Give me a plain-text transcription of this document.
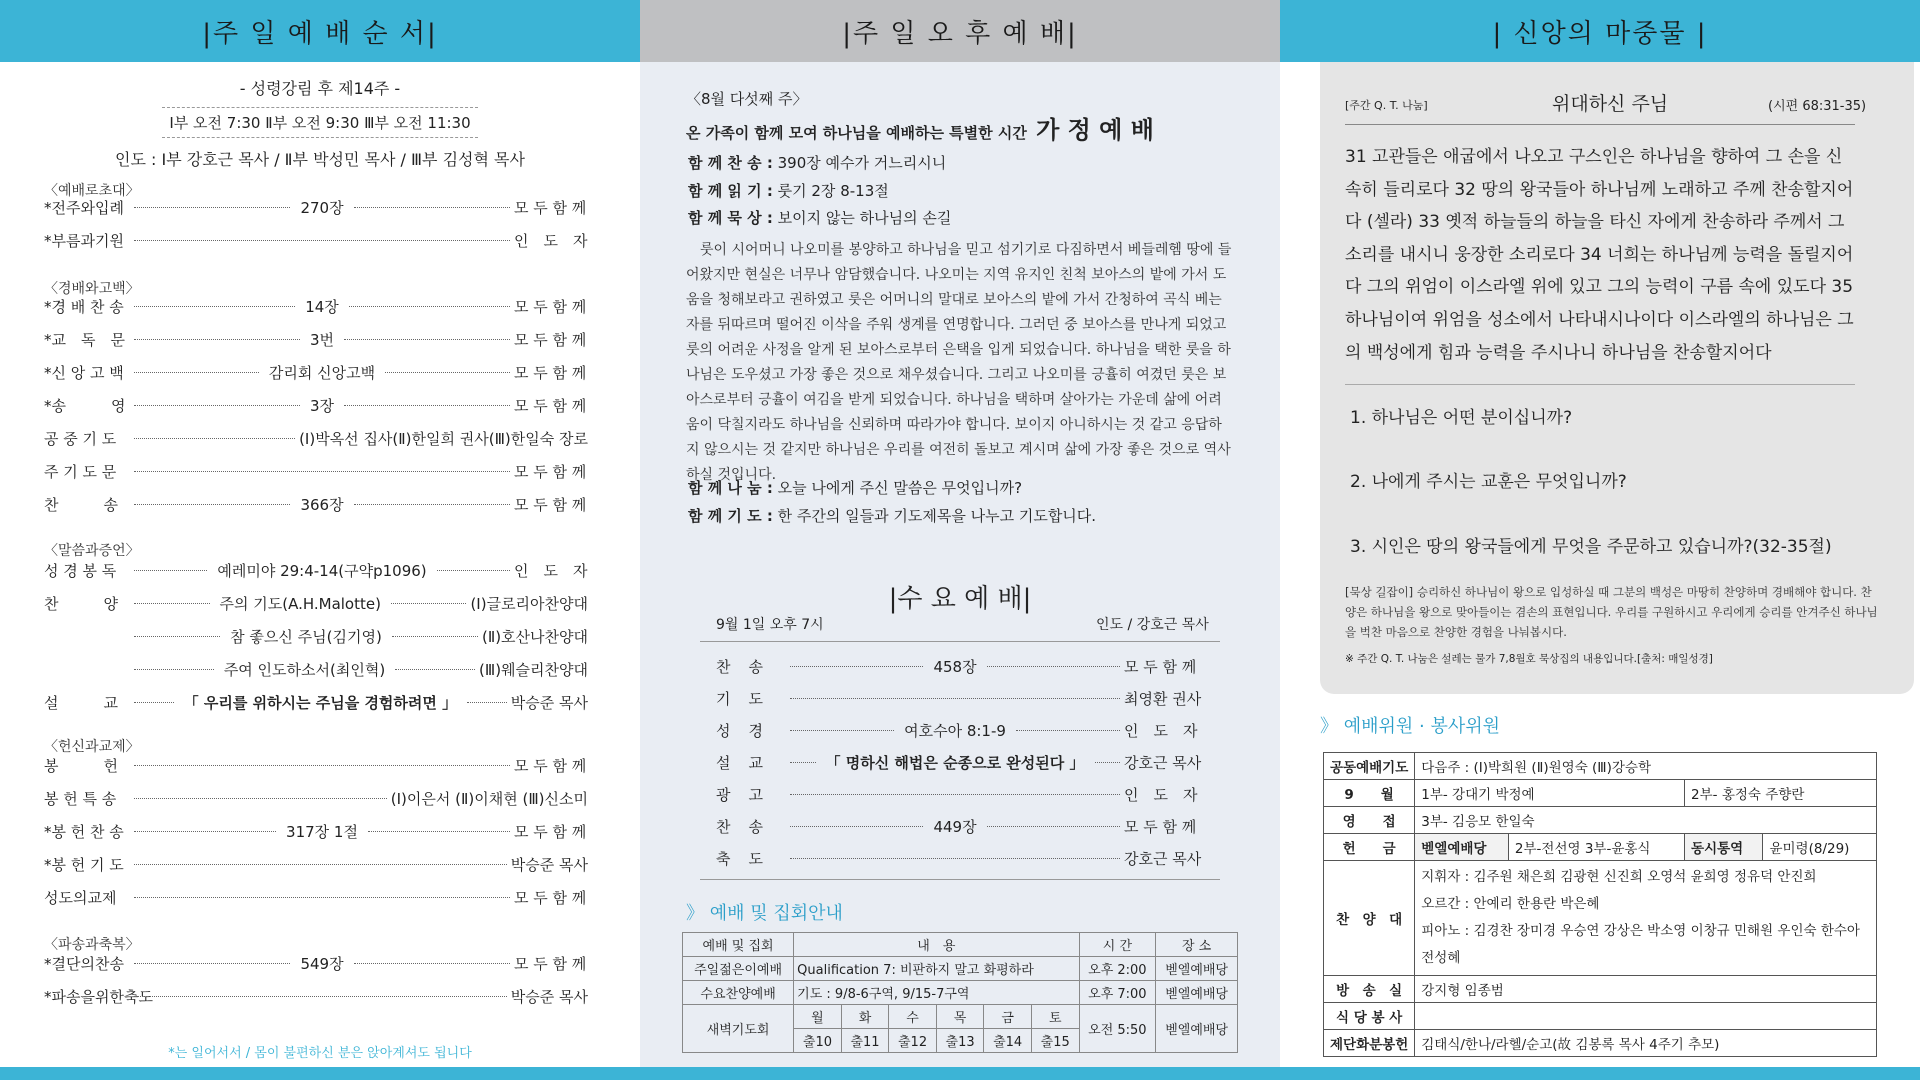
|주 일 예 배 순 서|
- 성령강림 후 제14주 -
Ⅰ부 오전 7:30 Ⅱ부 오전 9:30 Ⅲ부 오전 11:30
인도 : Ⅰ부 강호근 목사 / Ⅱ부 박성민 목사 / Ⅲ부 김성혁 목사
〈예배로초대〉
〈경배와고백〉
〈말씀과증언〉
〈헌신과교제〉
〈파송과축복〉
*전주와입례	270장	모 두 함 께
*부름과기원	인　도　자
*경 배 찬 송	14장	모 두 함 께
*교　독　문	3번	모 두 함 께
*신 앙 고 백	감리회 신앙고백	모 두 함 께
*송　　　영	3장	모 두 함 께
공 중 기 도	(Ⅰ)박옥선 집사(Ⅱ)한일희 권사(Ⅲ)한일숙 장로
주 기 도 문	모 두 함 께
찬　　　송	366장	모 두 함 께
성 경 봉 독	예레미야 29:4-14(구약p1096)	인　도　자
찬　　　양	주의 기도(A.H.Malotte)	(Ⅰ)글로리아찬양대
참 좋으신 주님(김기영)	(Ⅱ)호산나찬양대
주여 인도하소서(최인혁)	(Ⅲ)웨슬리찬양대
설　　　교	「 우리를 위하시는 주님을 경험하려면 」	박승준 목사
봉　　　헌	모 두 함 께
봉 헌 특 송	(Ⅰ)이은서 (Ⅱ)이채현 (Ⅲ)신소미
*봉 헌 찬 송	317장 1절	모 두 함 께
*봉 헌 기 도	박승준 목사
성도의교제	모 두 함 께
*결단의찬송	549장	모 두 함 께
*파송을위한축도	박승준 목사
*는 일어서서 / 몸이 불편하신 분은 앉아계셔도 됩니다
|주 일 오 후 예 배|
〈8월 다섯째 주〉
온 가족이 함께 모여 하나님을 예배하는 특별한 시간 가 정 예 배
함 께 찬 송 : 390장 예수가 거느리시니
함 께 읽 기 : 룻기 2장 8-13절
함 께 묵 상 : 보이지 않는 하나님의 손길
룻이 시어머니 나오미를 봉양하고 하나님을 믿고 섬기기로 다짐하면서 베들레헴 땅에 들어왔지만 현실은 너무나 암담했습니다. 나오미는 지역 유지인 친척 보아스의 밭에 가서 도움을 청해보라고 권하였고 룻은 어머니의 말대로 보아스의 밭에 가서 간청하여 곡식 베는 자를 뒤따르며 떨어진 이삭을 주워 생계를 연명합니다. 그러던 중 보아스를 만나게 되었고 룻의 어려운 사정을 알게 된 보아스로부터 은택을 입게 되었습니다. 하나님을 택한 룻을 하나님은 도우셨고 가장 좋은 것으로 채우셨습니다. 그리고 나오미를 긍휼히 여겼던 룻은 보아스로부터 긍휼이 여김을 받게 되었습니다. 하나님을 택하며 살아가는 가운데 삶에 어려움이 닥칠지라도 하나님을 신뢰하며 따라가야 합니다. 보이지 아니하시는 것 같고 응답하지 않으시는 것 같지만 하나님은 우리를 여전히 돌보고 계시며 삶에 가장 좋은 것으로 역사하실 것입니다.
함 께 나 눔 : 오늘 나에게 주신 말씀은 무엇입니까?
함 께 기 도 : 한 주간의 일들과 기도제목을 나누고 기도합니다.
|수 요 예 배|
9월 1일 오후 7시	인도 / 강호근 목사
찬송	458장	모 두 함 께
기도	최영환 권사
성경	여호수아 8:1-9	인　도　자
설교	「 명하신 해법은 순종으로 완성된다 」	강호근 목사
광고	인　도　자
찬송	449장	모 두 함 께
축도	강호근 목사
》 예배 및 집회안내
예배 및 집회	내　용						시 간	장 소
주일젊은이예배	Qualification 7: 비판하지 말고 화평하라						오후 2:00	벧엘예배당
수요찬양예배	기도 : 9/8-6구역, 9/15-7구역						오후 7:00	벧엘예배당
새벽기도회	월	화	수	목	금	토	오전 5:50	벧엘예배당
	출10	출11	출12	출13	출14	출15		
| 신앙의 마중물 |
[주간 Q. T. 나눔]	위대하신 주님	(시편 68:31-35)
31 고관들은 애굽에서 나오고 구스인은 하나님을 향하여 그 손을 신속히 들리로다 32 땅의 왕국들아 하나님께 노래하고 주께 찬송할지어다 (셀라) 33 옛적 하늘들의 하늘을 타신 자에게 찬송하라 주께서 그 소리를 내시니 웅장한 소리로다 34 너희는 하나님께 능력을 돌릴지어다 그의 위엄이 이스라엘 위에 있고 그의 능력이 구름 속에 있도다 35 하나님이여 위엄을 성소에서 나타내시나이다 이스라엘의 하나님은 그의 백성에게 힘과 능력을 주시나니 하나님을 찬송할지어다
1. 하나님은 어떤 분이십니까?
2. 나에게 주시는 교훈은 무엇입니까?
3. 시인은 땅의 왕국들에게 무엇을 주문하고 있습니까?(32-35절)
[묵상 길잡이] 승리하신 하나님이 왕으로 입성하실 때 그분의 백성은 마땅히 찬양하며 경배해야 합니다. 찬양은 하나님을 왕으로 맞아들이는 겸손의 표현입니다. 우리를 구원하시고 우리에게 승리를 안겨주신 하나님을 벅찬 마음으로 찬양한 경험을 나눠봅시다.
※ 주간 Q. T. 나눔은 설레는 물가 7,8월호 묵상집의 내용입니다.[출처: 매일성경]
》 예배위원 · 봉사위원
공동예배기도	다음주 : (Ⅰ)박희원 (Ⅱ)원영숙 (Ⅲ)강승학			
9　　월	1부- 강대기 박정예		2부- 홍정숙 주향란	
영　　접	3부- 김응모 한일숙			
헌　　금	벧엘예배당	2부-전선영 3부-윤홍식	동시통역	윤미령(8/29)
찬　양　대	지휘자 : 김주원 채은희 김광현 신진희 오영석 윤희영 정유덕 안진희
오르간 : 안예리 한용란 박은혜
피아노 : 김경찬 장미경 우승연 강상은 박소영 이창규 민해원 우인숙 한수아 전성혜			

방　송　실	강지형 임종범			
식 당 봉 사				
제단화분봉헌	김태식/한나/라헬/순고(故 김봉록 목사 4주기 추모)			
